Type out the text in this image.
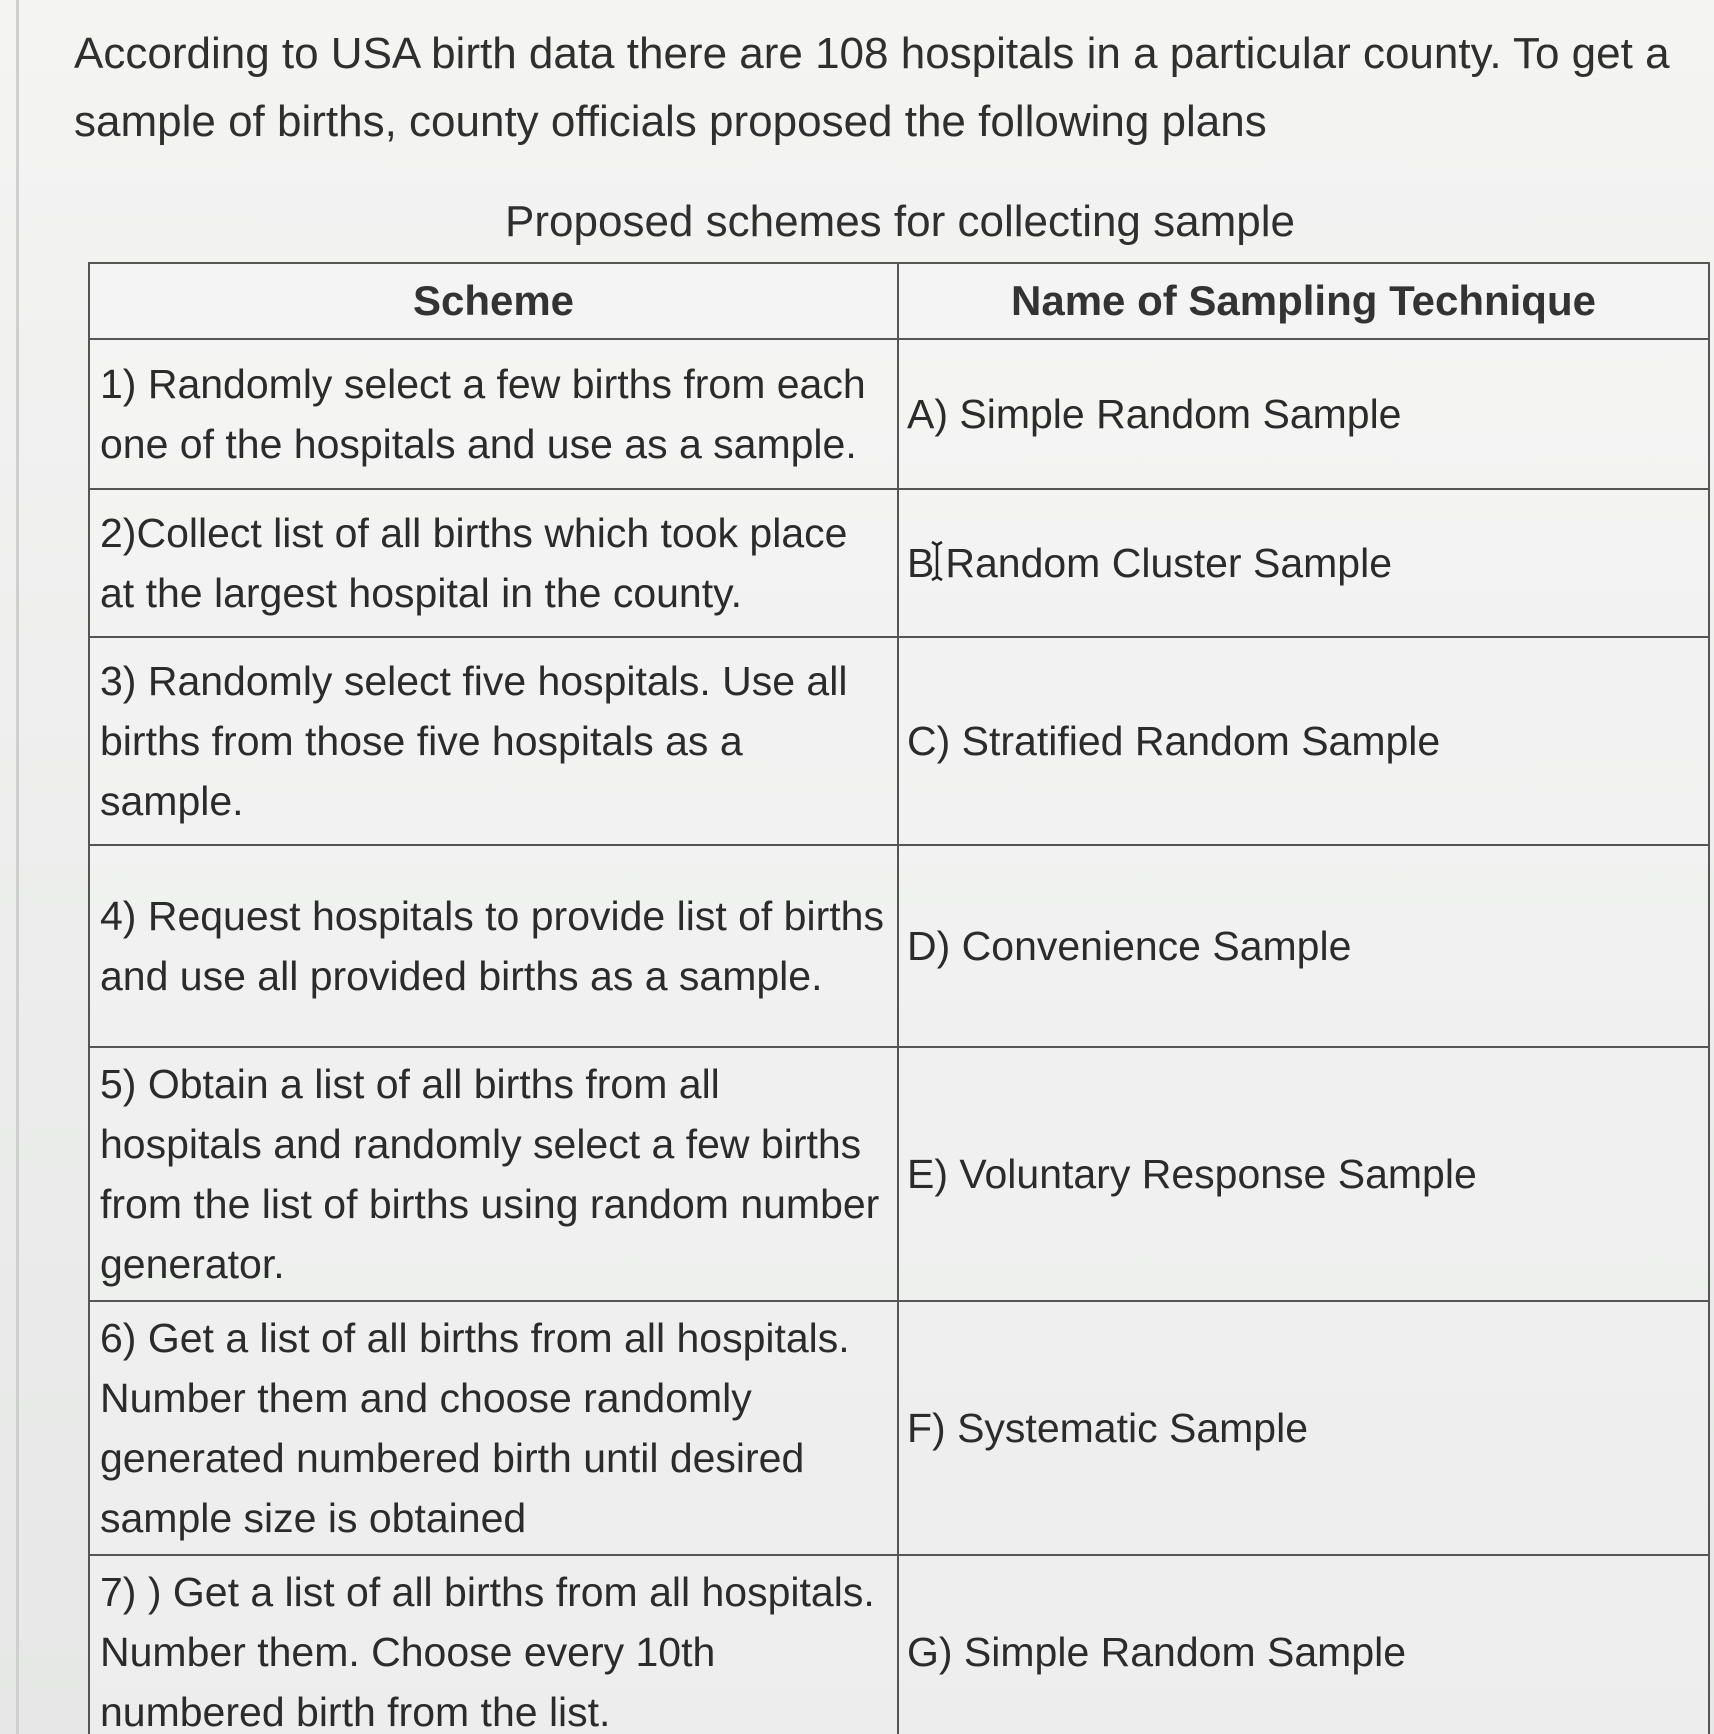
According to USA birth data there are 108 hospitals in a particular county. To get a sample of births, county officials proposed the following plans

Proposed schemes for collecting sample

Scheme	Name of Sampling Technique
1) Randomly select a few births from each one of the hospitals and use as a sample.	A) Simple Random Sample
2)Collect list of all births which took place at the largest hospital in the county.	B Random Cluster Sample
3) Randomly select five hospitals. Use all births from those five hospitals as a sample.	C) Stratified Random Sample
4) Request hospitals to provide list of births and use all provided births as a sample.	D) Convenience Sample
5) Obtain a list of all births from all hospitals and randomly select a few births from the list of births using random number generator.	E) Voluntary Response Sample
6) Get a list of all births from all hospitals. Number them and choose randomly generated numbered birth until desired sample size is obtained	F) Systematic Sample
7) ) Get a list of all births from all hospitals. Number them. Choose every 10th numbered birth from the list.	G) Simple Random Sample
